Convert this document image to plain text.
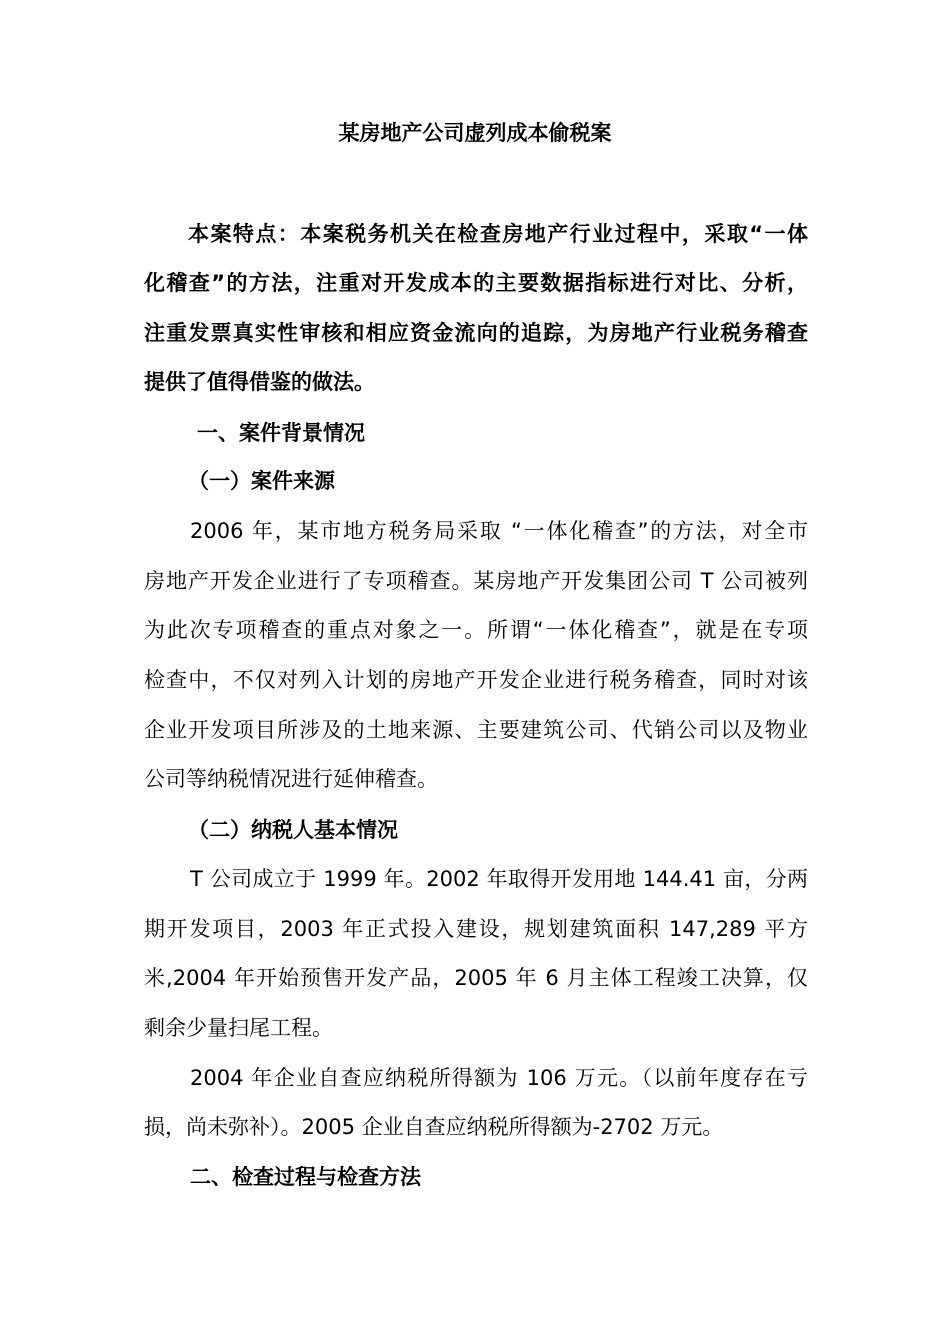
某房地产公司虚列成本偷税案
本案特点：本案税务机关在检查房地产行业过程中，采取“一体
化稽查”的方法，注重对开发成本的主要数据指标进行对比、分析，
注重发票真实性审核和相应资金流向的追踪，为房地产行业税务稽查
提供了值得借鉴的做法。
一、案件背景情况
（一）案件来源
2006 年，某市地方税务局采取 “一体化稽查”的方法，对全市
房地产开发企业进行了专项稽查。某房地产开发集团公司 T 公司被列
为此次专项稽查的重点对象之一。所谓“一体化稽查”，就是在专项
检查中，不仅对列入计划的房地产开发企业进行税务稽查，同时对该
企业开发项目所涉及的土地来源、主要建筑公司、代销公司以及物业
公司等纳税情况进行延伸稽查。
（二）纳税人基本情况
T 公司成立于 1999 年。2002 年取得开发用地 144.41 亩，分两
期开发项目，2003 年正式投入建设，规划建筑面积 147,289 平方
米,2004 年开始预售开发产品，2005 年 6 月主体工程竣工决算，仅
剩余少量扫尾工程。
2004 年企业自查应纳税所得额为 106 万元。（以前年度存在亏
损，尚未弥补）。2005 企业自查应纳税所得额为-2702 万元。
二、检查过程与检查方法
